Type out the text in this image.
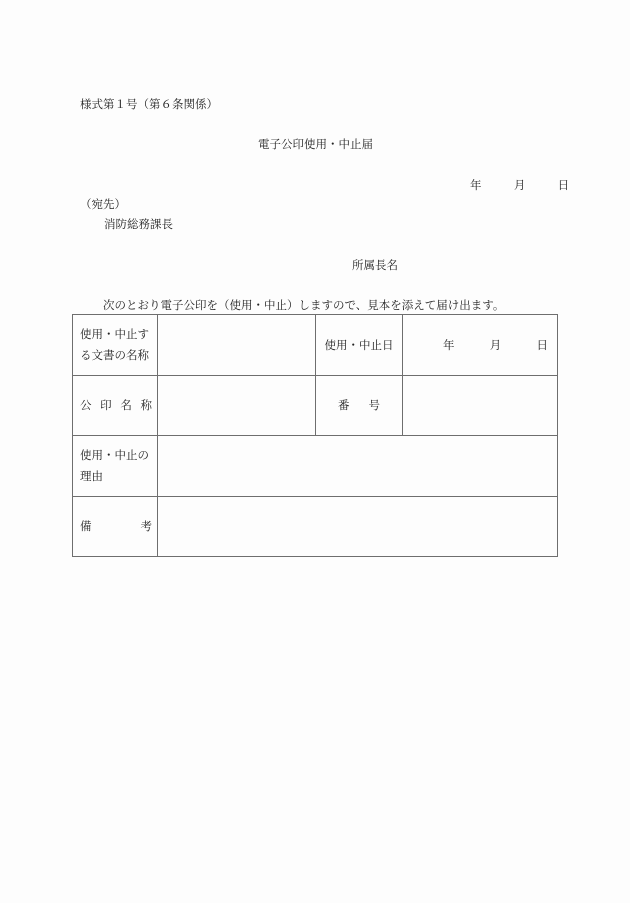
様式第１号（第６条関係）
電子公印使用・中止届
年	月	日
（宛先）
消防総務課長
所属長名
次のとおり電子公印を（使用・中止）しますので、見本を添えて届け出ます。
使用・中止す
る文書の名称
		使用・中止日	年	月	日

公 印 名 称		番 号	

使用・中止の
理由			

備 考			
